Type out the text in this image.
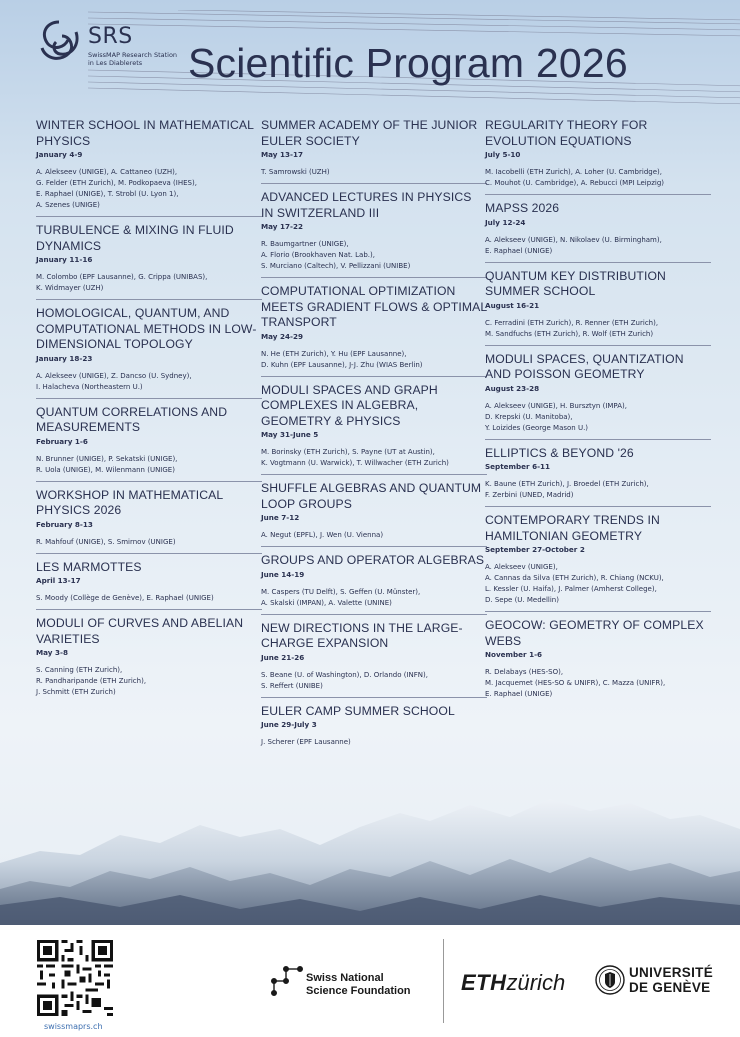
SRS
SwissMAP Research Station in Les Diablerets	Scientific Program 2026
WINTER SCHOOL IN MATHEMATICAL PHYSICS
January 4-9
A. Alekseev (UNIGE), A. Cattaneo (UZH),
G. Felder (ETH Zurich), M. Podkopaeva (IHES),
E. Raphael (UNIGE), T. Strobl (U. Lyon 1),
A. Szenes (UNIGE)
TURBULENCE & MIXING IN FLUID DYNAMICS
January 11-16
M. Colombo (EPF Lausanne), G. Crippa (UNIBAS),
K. Widmayer (UZH)
HOMOLOGICAL, QUANTUM, AND COMPUTATIONAL METHODS IN LOW-DIMENSIONAL TOPOLOGY
January 18-23
A. Alekseev (UNIGE), Z. Dancso (U. Sydney),
I. Halacheva (Northeastern U.)
QUANTUM CORRELATIONS AND MEASUREMENTS
February 1-6
N. Brunner (UNIGE), P. Sekatski (UNIGE),
R. Uola (UNIGE), M. Wilenmann (UNIGE)
WORKSHOP IN MATHEMATICAL PHYSICS 2026
February 8-13
R. Mahfouf (UNIGE), S. Smirnov (UNIGE)
LES MARMOTTES
April 13-17
S. Moody (Collège de Genève), E. Raphael (UNIGE)
MODULI OF CURVES AND ABELIAN VARIETIES
May 3-8
S. Canning (ETH Zurich),
R. Pandharipande (ETH Zurich),
J. Schmitt (ETH Zurich)
SUMMER ACADEMY OF THE JUNIOR EULER SOCIETY
May 13-17
T. Samrowski (UZH)
ADVANCED LECTURES IN PHYSICS IN SWITZERLAND III
May 17-22
R. Baumgartner (UNIGE),
A. Florio (Brookhaven Nat. Lab.),
S. Murciano (Caltech), V. Pellizzani (UNIBE)
COMPUTATIONAL OPTIMIZATION MEETS GRADIENT FLOWS & OPTIMAL TRANSPORT
May 24-29
N. He (ETH Zurich), Y. Hu (EPF Lausanne),
D. Kuhn (EPF Lausanne), J-J. Zhu (WIAS Berlin)
MODULI SPACES AND GRAPH COMPLEXES IN ALGEBRA, GEOMETRY & PHYSICS
May 31-June 5
M. Borinsky (ETH Zurich), S. Payne (UT at Austin),
K. Vogtmann (U. Warwick), T. Willwacher (ETH Zurich)
SHUFFLE ALGEBRAS AND QUANTUM LOOP GROUPS
June 7-12
A. Negut (EPFL), J. Wen (U. Vienna)
GROUPS AND OPERATOR ALGEBRAS
June 14-19
M. Caspers (TU Delft), S. Geffen (U. Münster),
A. Skalski (IMPAN), A. Valette (UNINE)
NEW DIRECTIONS IN THE LARGE-CHARGE EXPANSION
June 21-26
S. Beane (U. of Washington), D. Orlando (INFN),
S. Reffert (UNIBE)
EULER CAMP SUMMER SCHOOL
June 29-July 3
J. Scherer (EPF Lausanne)
REGULARITY THEORY FOR EVOLUTION EQUATIONS
July 5-10
M. Iacobelli (ETH Zurich), A. Loher (U. Cambridge),
C. Mouhot (U. Cambridge), A. Rebucci (MPI Leipzig)
MAPSS 2026
July 12-24
A. Alekseev (UNIGE), N. Nikolaev (U. Birmingham),
E. Raphael (UNIGE)
QUANTUM KEY DISTRIBUTION SUMMER SCHOOL
August 16-21
C. Ferradini (ETH Zurich), R. Renner (ETH Zurich),
M. Sandfuchs (ETH Zurich), R. Wolf (ETH Zurich)
MODULI SPACES, QUANTIZATION AND POISSON GEOMETRY
August 23-28
A. Alekseev (UNIGE), H. Bursztyn (IMPA),
D. Krepski (U. Manitoba),
Y. Loizides (George Mason U.)
ELLIPTICS & BEYOND '26
September 6-11
K. Baune (ETH Zurich), J. Broedel (ETH Zurich),
F. Zerbini (UNED, Madrid)
CONTEMPORARY TRENDS IN HAMILTONIAN GEOMETRY
September 27-October 2
A. Alekseev (UNIGE),
A. Cannas da Silva (ETH Zurich), R. Chiang (NCKU),
L. Kessler (U. Haifa), J. Palmer (Amherst College),
D. Sepe (U. Medellin)
GEOCOW: GEOMETRY OF COMPLEX WEBS
November 1-6
R. Delabays (HES-SO),
M. Jacquemet (HES-SO & UNIFR), C. Mazza (UNIFR),
E. Raphael (UNIGE)
swissmaprs.ch
Swiss National
Science Foundation ETHzürich	UNIVERSITÉ
DE GENÈVE
